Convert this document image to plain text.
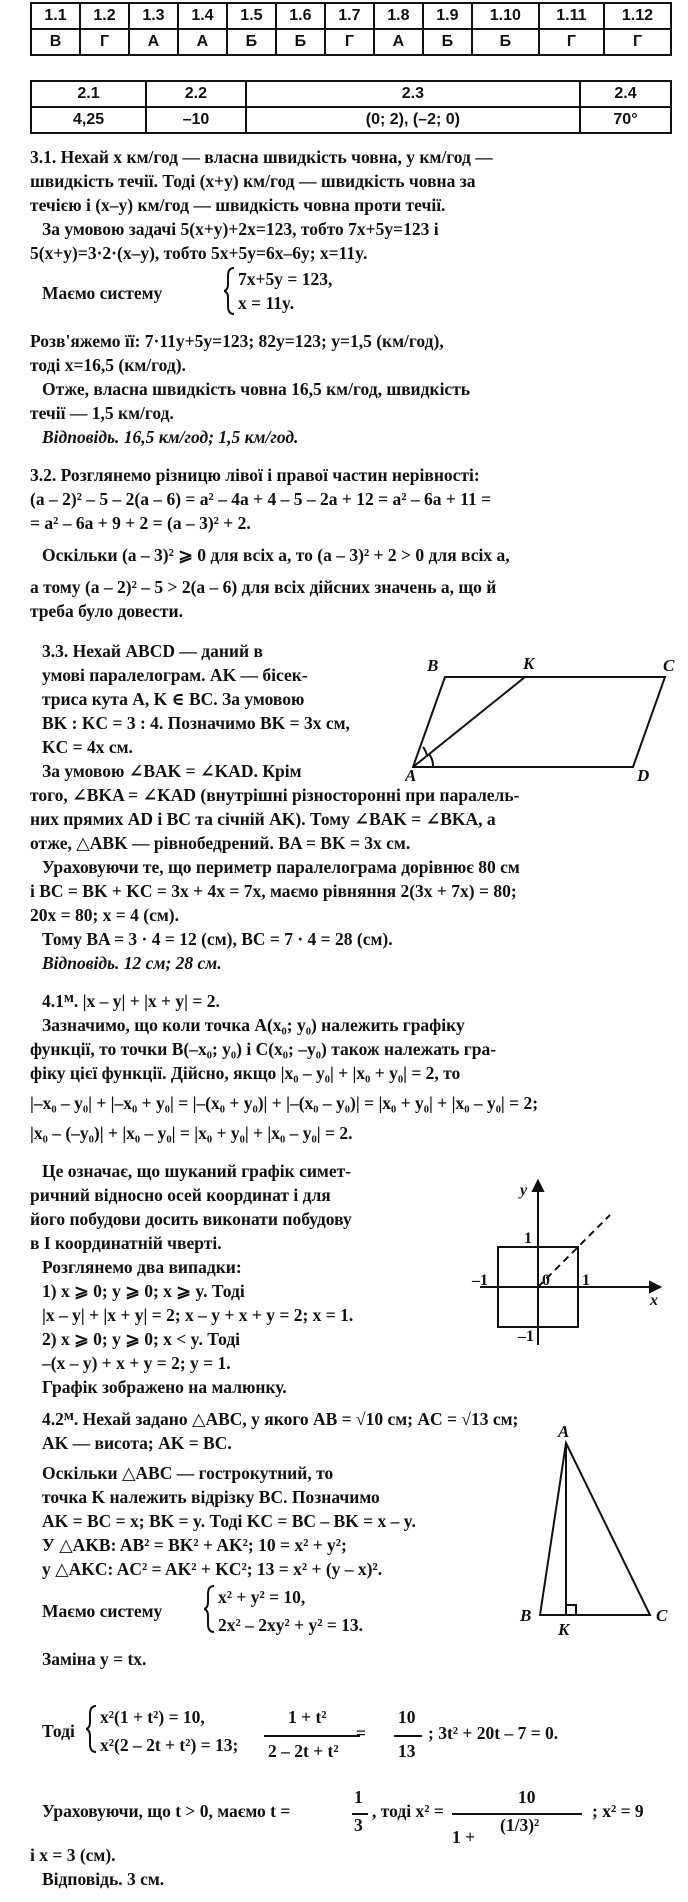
1.1	1.2	1.3	1.4	1.5	1.6	1.7	1.8	1.9	1.10	1.11	1.12
В	Г	А	А	Б	Б	Г	А	Б	Б	Г	Г
2.1	2.2	2.3	2.4
4,25	–10	(0; 2), (–2; 0)	70°
3.1. Нехай x км/год — власна швидкість човна, y км/год —
швидкість течії. Тоді (x+y) км/год — швидкість човна за
течією і (x–y) км/год — швидкість човна проти течії.
За умовою задачі 5(x+y)+2x=123, тобто 7x+5y=123 і
5(x+y)=3·2·(x–y), тобто 5x+5y=6x–6y; x=11y.
Маємо систему
7x+5y = 123,
x = 11y.
Розв'яжемо її: 7·11y+5y=123; 82y=123; y=1,5 (км/год),
тоді x=16,5 (км/год).
Отже, власна швидкість човна 16,5 км/год, швидкість
течії — 1,5 км/год.
Відповідь. 16,5 км/год; 1,5 км/год.
3.2. Розглянемо різницю лівої і правої частин нерівності:
(a – 2)² – 5 – 2(a – 6) = a² – 4a + 4 – 5 – 2a + 12 = a² – 6a + 11 =
= a² – 6a + 9 + 2 = (a – 3)² + 2.
Оскільки (a – 3)² ⩾ 0 для всіх a, то (a – 3)² + 2 > 0 для всіх a,
а тому (a – 2)² – 5 > 2(a – 6) для всіх дійсних значень a, що й
треба було довести.
3.3. Нехай ABCD — даний в
умові паралелограм. AK — бісек-
триса кута A, K ∈ BC. За умовою
BK : KC = 3 : 4. Позначимо BK = 3x см,
KC = 4x см.
За умовою ∠BAK = ∠KAD. Крім
того, ∠BKA = ∠KAD (внутрішні різносторонні при паралель-
них прямих AD і BC та січній AK). Тому ∠BAK = ∠BKA, а
отже, △ABK — рівнобедрений. BA = BK = 3x см.
Ураховуючи те, що периметр паралелограма дорівнює 80 см
і BC = BK + KC = 3x + 4x = 7x, маємо рівняння 2(3x + 7x) = 80;
20x = 80; x = 4 (см).
Тому BA = 3 · 4 = 12 (см), BC = 7 · 4 = 28 (см).
Відповідь. 12 см; 28 см.
4.1ᴹ. |x – y| + |x + y| = 2.
Зазначимо, що коли точка A(x₀; y₀) належить графіку
функції, то точки B(–x₀; y₀) і C(x₀; –y₀) також належать гра-
фіку цієї функції. Дійсно, якщо |x₀ – y₀| + |x₀ + y₀| = 2, то
|–x₀ – y₀| + |–x₀ + y₀| = |–(x₀ + y₀)| + |–(x₀ – y₀)| = |x₀ + y₀| + |x₀ – y₀| = 2;
|x₀ – (–y₀)| + |x₀ – y₀| = |x₀ + y₀| + |x₀ – y₀| = 2.
Це означає, що шуканий графік симет-
ричний відносно осей координат і для
його побудови досить виконати побудову
в I координатній чверті.
Розглянемо два випадки:
1) x ⩾ 0; y ⩾ 0; x ⩾ y. Тоді
|x – y| + |x + y| = 2; x – y + x + y = 2; x = 1.
2) x ⩾ 0; y ⩾ 0; x < y. Тоді
–(x – y) + x + y = 2; y = 1.
Графік зображено на малюнку.
4.2ᴹ. Нехай задано △ABC, у якого AB = √10 см; AC = √13 см;
AK — висота; AK = BC.
Оскільки △ABC — гострокутний, то
точка K належить відрізку BC. Позначимо
AK = BC = x; BK = y. Тоді KC = BC – BK = x – y.
У △AKB: AB² = BK² + AK²; 10 = x² + y²;
у △AKC: AC² = AK² + KC²; 13 = x² + (y – x)².
Маємо систему
x² + y² = 10,
2x² – 2xy² + y² = 13.
Заміна y = tx.
Тоді
x²(1 + t²) = 10,
x²(2 – 2t + t²) = 13;
1 + t²
2 – 2t + t²
=
10
13
; 3t² + 20t – 7 = 0.
Ураховуючи, що t > 0, маємо t =
1
3
, тоді x² =
10
1 +
(1/3)²
; x² = 9
і x = 3 (см).
Відповідь. 3 см.
B	K	C
A	D
y
1
–1	0 1
x
–1
A
B
K
C
